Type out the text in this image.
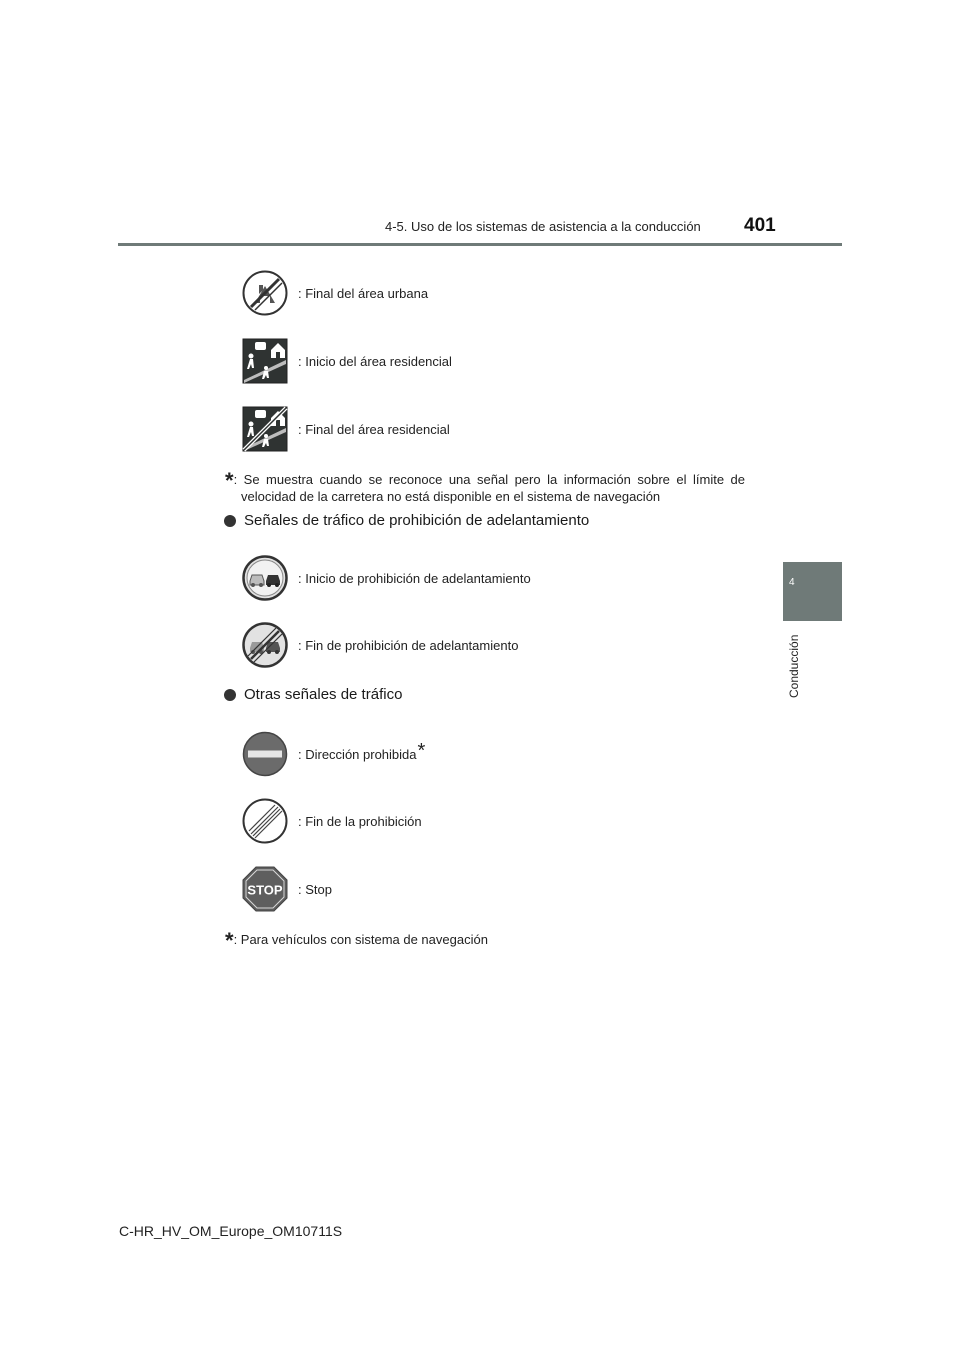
4-5. Uso de los sistemas de asistencia a la conducción 401
4
Conducción
: Final del área urbana
: Inicio del área residencial
: Final del área residencial
*: Se muestra cuando se reconoce una señal pero la información sobre el límite de
velocidad de la carretera no está disponible en el sistema de navegación
Señales de tráfico de prohibición de adelantamiento
: Inicio de prohibición de adelantamiento
: Fin de prohibición de adelantamiento
Otras señales de tráfico
: Dirección prohibida*
: Fin de la prohibición
STOP : Stop
*: Para vehículos con sistema de navegación
C-HR_HV_OM_Europe_OM10711S
